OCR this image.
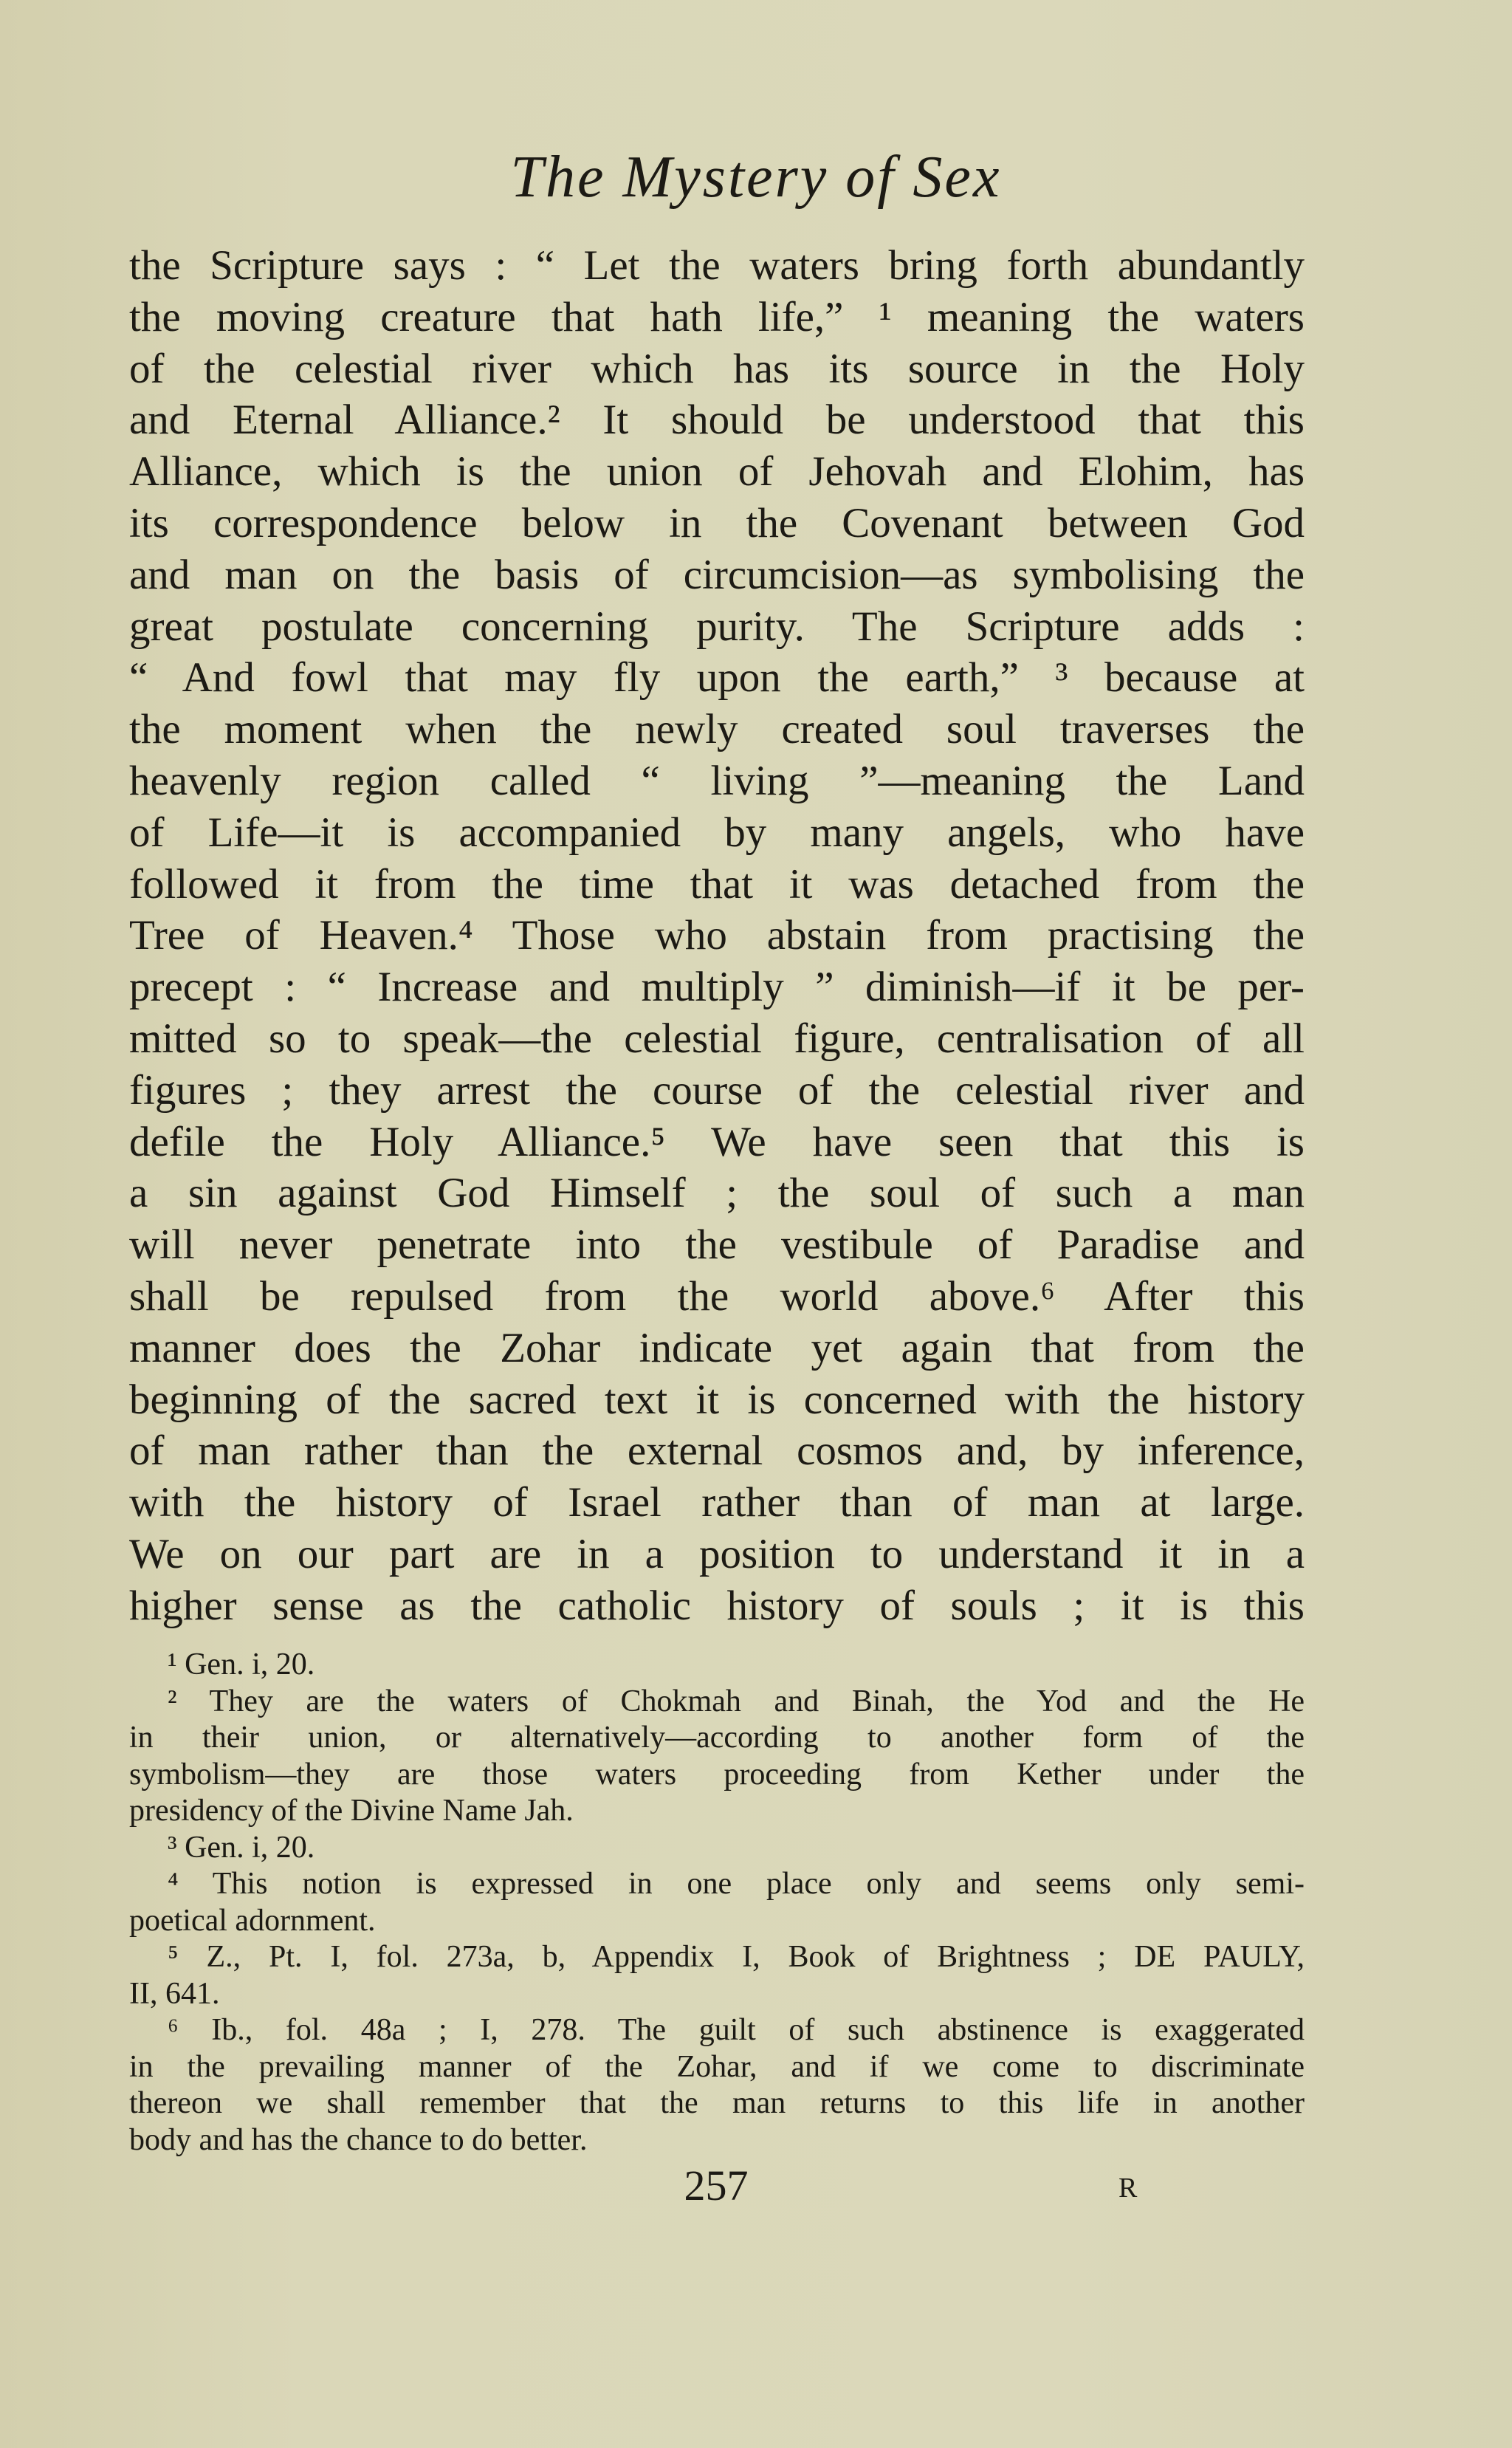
The Mystery of Sex
the Scripture says : “ Let the waters bring forth abundantly
the moving creature that hath life,” ¹ meaning the waters
of the celestial river which has its source in the Holy
and Eternal Alliance.² It should be understood that this
Alliance, which is the union of Jehovah and Elohim, has
its correspondence below in the Covenant between God
and man on the basis of circumcision—as symbolising the
great postulate concerning purity. The Scripture adds :
“ And fowl that may fly upon the earth,” ³ because at
the moment when the newly created soul traverses the
heavenly region called “ living ”—meaning the Land
of Life—it is accompanied by many angels, who have
followed it from the time that it was detached from the
Tree of Heaven.⁴ Those who abstain from practising the
precept : “ Increase and multiply ” diminish—if it be per-
mitted so to speak—the celestial figure, centralisation of all
figures ; they arrest the course of the celestial river and
defile the Holy Alliance.⁵ We have seen that this is
a sin against God Himself ; the soul of such a man
will never penetrate into the vestibule of Paradise and
shall be repulsed from the world above.⁶ After this
manner does the Zohar indicate yet again that from the
beginning of the sacred text it is concerned with the history
of man rather than the external cosmos and, by inference,
with the history of Israel rather than of man at large.
We on our part are in a position to understand it in a
higher sense as the catholic history of souls ; it is this
¹ Gen. i, 20.
² They are the waters of Chokmah and Binah, the Yod and the He
in their union, or alternatively—according to another form of the
symbolism—they are those waters proceeding from Kether under the
presidency of the Divine Name Jah.
³ Gen. i, 20.
⁴ This notion is expressed in one place only and seems only semi-
poetical adornment.
⁵ Z., Pt. I, fol. 273a, b, Appendix I, Book of Brightness ; DE PAULY,
II, 641.
⁶ Ib., fol. 48a ; I, 278. The guilt of such abstinence is exaggerated
in the prevailing manner of the Zohar, and if we come to discriminate
thereon we shall remember that the man returns to this life in another
body and has the chance to do better.
257	R
